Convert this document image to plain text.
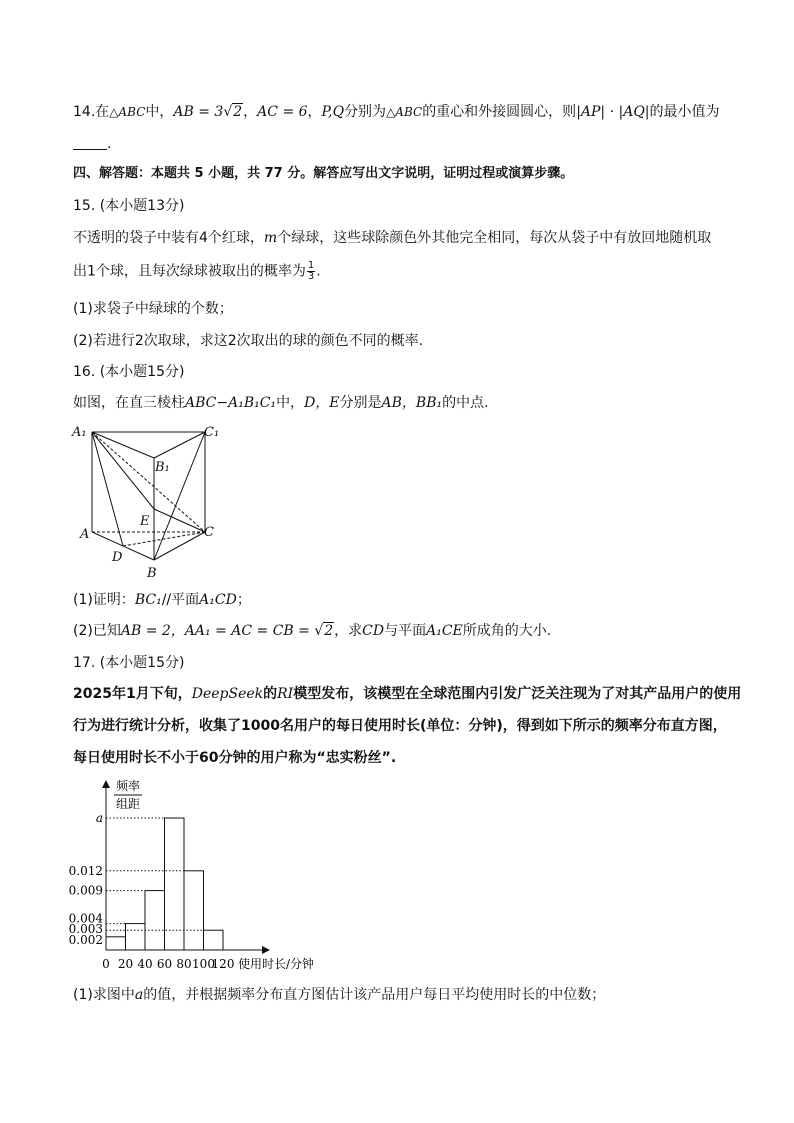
14.在△ABC中，AB = 3√2，AC = 6，P,Q分别为△ABC的重心和外接圆圆心，则|AP| · |AQ|的最小值为
.
四、解答题：本题共 5 小题，共 77 分。解答应写出文字说明，证明过程或演算步骤。
15. (本小题13分)
不透明的袋子中装有4个红球，m个绿球，这些球除颜色外其他完全相同，每次从袋子中有放回地随机取
出1个球，且每次绿球被取出的概率为 $\frac{1}{3}$ .
(1)求袋子中绿球的个数；
(2)若进行2次取球，求这2次取出的球的颜色不同的概率.
16. (本小题15分)
如图，在直三棱柱ABC−A₁B₁C₁中，D，E分别是AB，BB₁的中点.
A₁	C₁
B₁
E
A	C
D
B
(1)证明：BC₁//平面A₁CD；
(2)已知AB = 2，AA₁ = AC = CB = √2，求CD与平面A₁CE所成角的大小.
17. (本小题15分)
2025年1月下旬，DeepSeek的RI模型发布，该模型在全球范围内引发广泛关注现为了对其产品用户的使用
行为进行统计分析，收集了1000名用户的每日使用时长(单位：分钟)，得到如下所示的频率分布直方图，
每日使用时长不小于60分钟的用户称为“忠实粉丝”.
频率
组距
0.002
0.003
0.004
0.009
0.012
a
0 20 40 60 80 100
120 使用时长/分钟
(1)求图中a的值，并根据频率分布直方图估计该产品用户每日平均使用时长的中位数；
